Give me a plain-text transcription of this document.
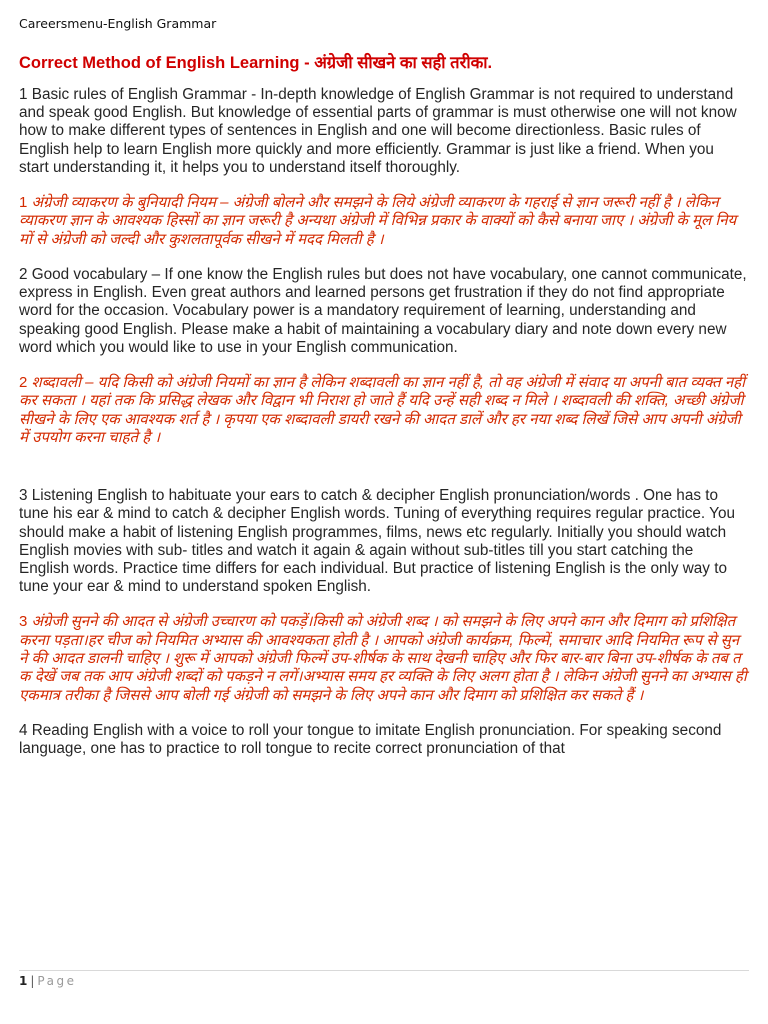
Careersmenu-English Grammar
Correct Method of English Learning - अंग्रेजी सीखने का सही तरीका.

1 Basic rules of English Grammar - In-depth knowledge of English Grammar is not required to understand and speak good English. But knowledge of essential parts of grammar is must otherwise one will not know how to make different types of sentences in English and one will become directionless. Basic rules of English help to learn English more quickly and more efficiently. Grammar is just like a friend. When you start understanding it, it helps you to understand itself thoroughly.

1 अंग्रेजी व्याकरण के बुनियादी नियम – अंग्रेजी बोलने और समझने के लिये अंग्रेजी व्याकरण के गहराई से ज्ञान जरूरी नहीं है । लेकिन व्याकरण ज्ञान के आवश्यक हिस्सों का ज्ञान जरूरी है अन्यथा अंग्रेजी में विभिन्न प्रकार के वाक्यों को कैसे बनाया जाए । अंग्रेजी के मूल नियमों से अंग्रेजी को जल्दी और कुशलतापूर्वक सीखने में मदद मिलती है ।

2 Good vocabulary – If one know the English rules but does not have vocabulary, one cannot communicate, express in English. Even great authors and learned persons get frustration if they do not find appropriate word for the occasion. Vocabulary power is a mandatory requirement of learning, understanding and speaking good English. Please make a habit of maintaining a vocabulary diary and note down every new word which you would like to use in your English communication.

2 शब्दावली – यदि किसी को अंग्रेजी नियमों का ज्ञान है लेकिन शब्दावली का ज्ञान नहीं है, तो वह अंग्रेजी में संवाद या अपनी बात व्यक्त नहीं कर सकता । यहां तक कि प्रसिद्ध लेखक और विद्वान भी निराश हो जाते हैं यदि उन्हें सही शब्द न मिले । शब्दावली की शक्ति, अच्छी अंग्रेजी सीखने के लिए एक आवश्यक शर्त है । कृपया एक शब्दावली डायरी रखने की आदत डालें और हर नया शब्द लिखें जिसे आप अपनी अंग्रेजी में उपयोग करना चाहते है ।

3 Listening English to habituate your ears to catch & decipher English pronunciation/words . One has to tune his ear & mind to catch & decipher English words. Tuning of everything requires regular practice. You should make a habit of listening English programmes, films, news etc regularly. Initially you should watch English movies with sub- titles and watch it again & again without sub-titles till you start catching the English words. Practice time differs for each individual. But practice of listening English is the only way to tune your ear & mind to understand spoken English.

3 अंग्रेजी सुनने की आदत से अंग्रेजी उच्चारण को पकड़ें।किसी को अंग्रेजी शब्द । को समझने के लिए अपने कान और दिमाग को प्रशिक्षित करना पड़ता।हर चीज को नियमित अभ्यास की आवश्यकता होती है । आपको अंग्रेजी कार्यक्रम, फिल्में, समाचार आदि नियमित रूप से सुनने की आदत डालनी चाहिए । शुरू में आपको अंग्रेजी फिल्में उप-शीर्षक के साथ देखनी चाहिए और फिर बार-बार बिना उप-शीर्षक के तब तक देखें जब तक आप अंग्रेजी शब्दों को पकड़ने न लगें।अभ्यास समय हर व्यक्ति के लिए अलग होता है । लेकिन अंग्रेजी सुनने का अभ्यास ही एकमात्र तरीका है जिससे आप बोली गई अंग्रेजी को समझने के लिए अपने कान और दिमाग को प्रशिक्षित कर सकते हैं ।

4 Reading English with a voice to roll your tongue to imitate English pronunciation. For speaking second language, one has to practice to roll tongue to recite correct pronunciation of that

1 | Page
